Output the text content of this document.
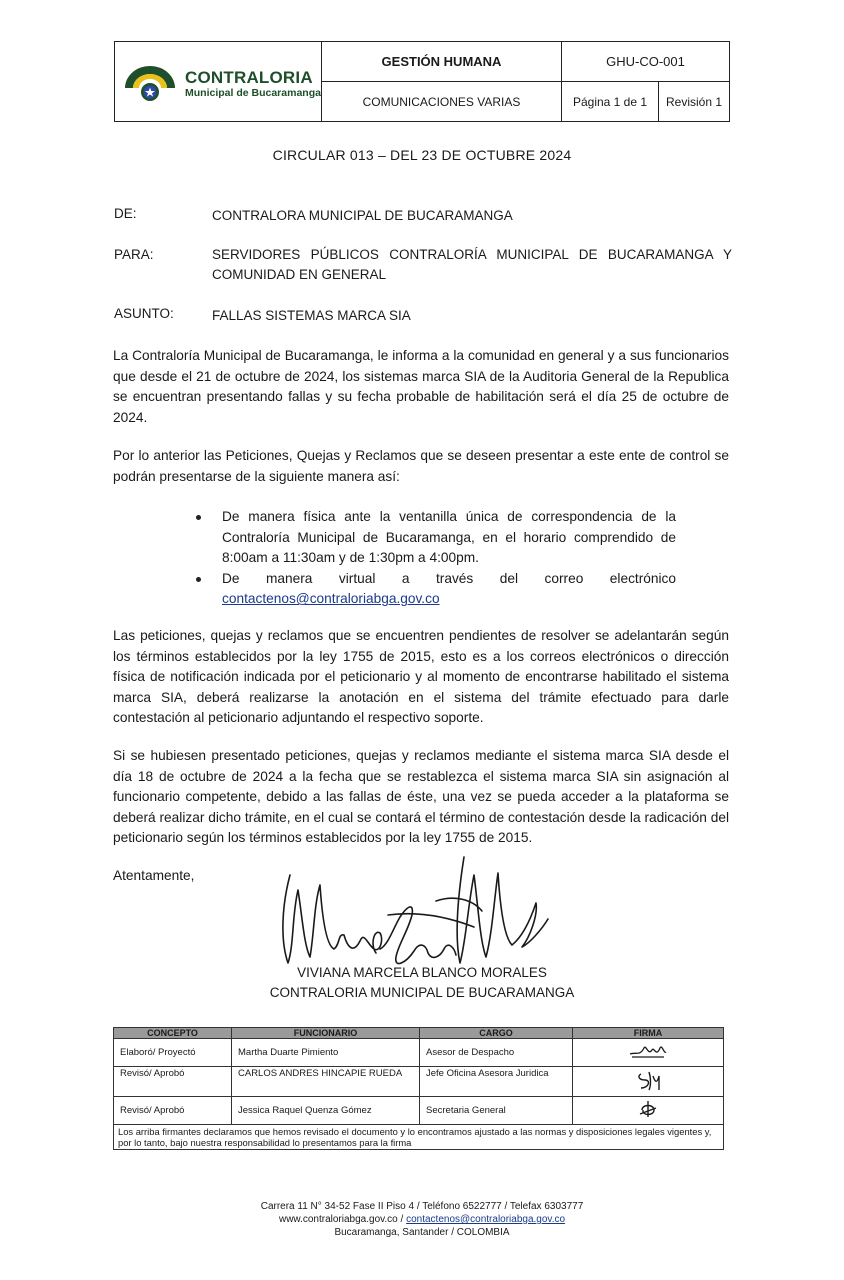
CONTRALORIA
Municipal de Bucaramanga
GESTIÓN HUMANA	GHU-CO-001
COMUNICACIONES VARIAS	Página 1 de 1	Revisión 1
CIRCULAR 013 – DEL 23 DE OCTUBRE 2024
DE:	CONTRALORA MUNICIPAL DE BUCARAMANGA
PARA:	SERVIDORES PÚBLICOS CONTRALORÍA MUNICIPAL DE BUCARAMANGA Y COMUNIDAD EN GENERAL
ASUNTO:	FALLAS SISTEMAS MARCA SIA
La Contraloría Municipal de Bucaramanga, le informa a la comunidad en general y a sus funcionarios que desde el 21 de octubre de 2024, los sistemas marca SIA de la Auditoria General de la Republica se encuentran presentando fallas y su fecha probable de habilitación será el día 25 de octubre de 2024.
Por lo anterior las Peticiones, Quejas y Reclamos que se deseen presentar a este ente de control se podrán presentarse de la siguiente manera así:
De manera física ante la ventanilla única de correspondencia de la Contraloría Municipal de Bucaramanga, en el horario comprendido de 8:00am a 11:30am y de 1:30pm a 4:00pm.
De manera virtual a través del correo electrónico
contactenos@contraloriabga.gov.co
Las peticiones, quejas y reclamos que se encuentren pendientes de resolver se adelantarán según los términos establecidos por la ley 1755 de 2015, esto es a los correos electrónicos o dirección física de notificación indicada por el peticionario y al momento de encontrarse habilitado el sistema marca SIA, deberá realizarse la anotación en el sistema del trámite efectuado para darle contestación al peticionario adjuntando el respectivo soporte.
Si se hubiesen presentado peticiones, quejas y reclamos mediante el sistema marca SIA desde el día 18 de octubre de 2024 a la fecha que se restablezca el sistema marca SIA sin asignación al funcionario competente, debido a las fallas de éste, una vez se pueda acceder a la plataforma se deberá realizar dicho trámite, en el cual se contará el término de contestación desde la radicación del peticionario según los términos establecidos por la ley 1755 de 2015.
Atentamente,
VIVIANA MARCELA BLANCO MORALES
CONTRALORIA MUNICIPAL DE BUCARAMANGA
CONCEPTO	FUNCIONARIO	CARGO	FIRMA
Elaboró/ Proyectó	Martha Duarte Pimiento	Asesor de Despacho	
Revisó/ Aprobó	CARLOS ANDRES HINCAPIE RUEDA	Jefe Oficina Asesora Juridica	
Revisó/ Aprobó	Jessica Raquel Quenza Gómez	Secretaria General	
Los arriba firmantes declaramos que hemos revisado el documento y lo encontramos ajustado a las normas y disposiciones legales vigentes y, por lo tanto, bajo nuestra responsabilidad lo presentamos para la firma			
Carrera 11 N° 34-52 Fase II Piso 4 / Teléfono 6522777 / Telefax 6303777
www.contraloriabga.gov.co / contactenos@contraloriabga.gov.co
Bucaramanga, Santander / COLOMBIA
